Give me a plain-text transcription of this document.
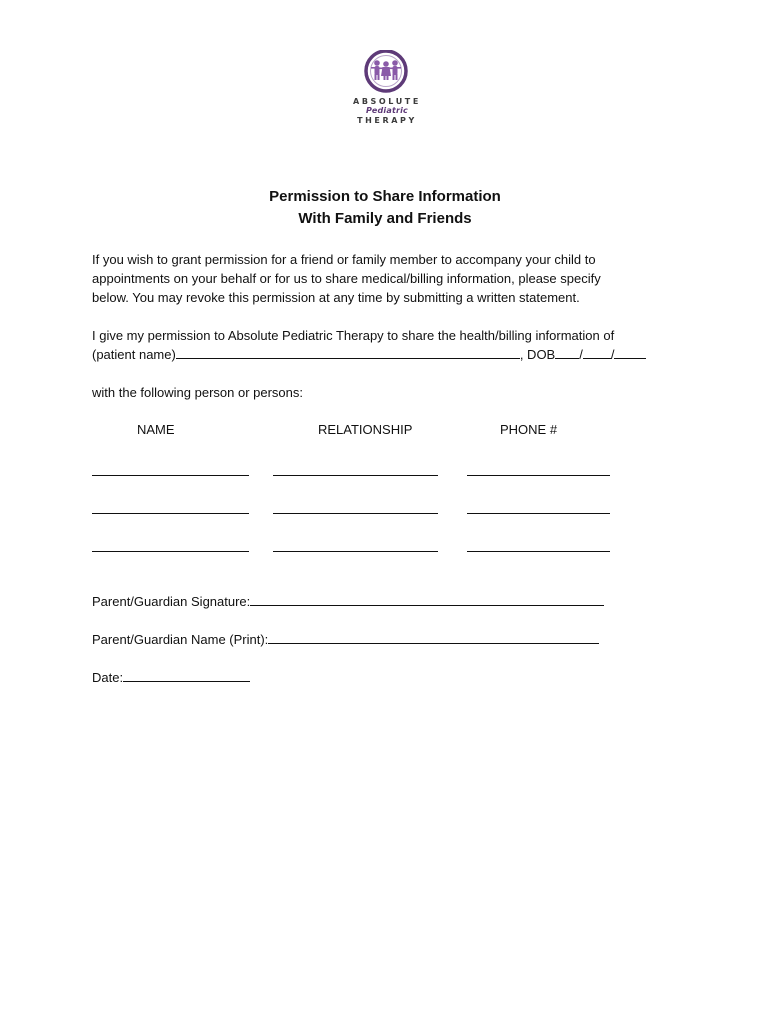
ABSOLUTE
Pediatric
THERAPY
Permission to Share Information
With Family and Friends
If you wish to grant permission for a friend or family member to accompany your child to
appointments on your behalf or for us to share medical/billing information, please specify
below. You may revoke this permission at any time by submitting a written statement.
I give my permission to Absolute Pediatric Therapy to share the health/billing information of
(patient name)	, DOB / /
with the following person or persons:
NAME	RELATIONSHIP	PHONE #
Parent/Guardian Signature:
Parent/Guardian Name (Print):
Date:
